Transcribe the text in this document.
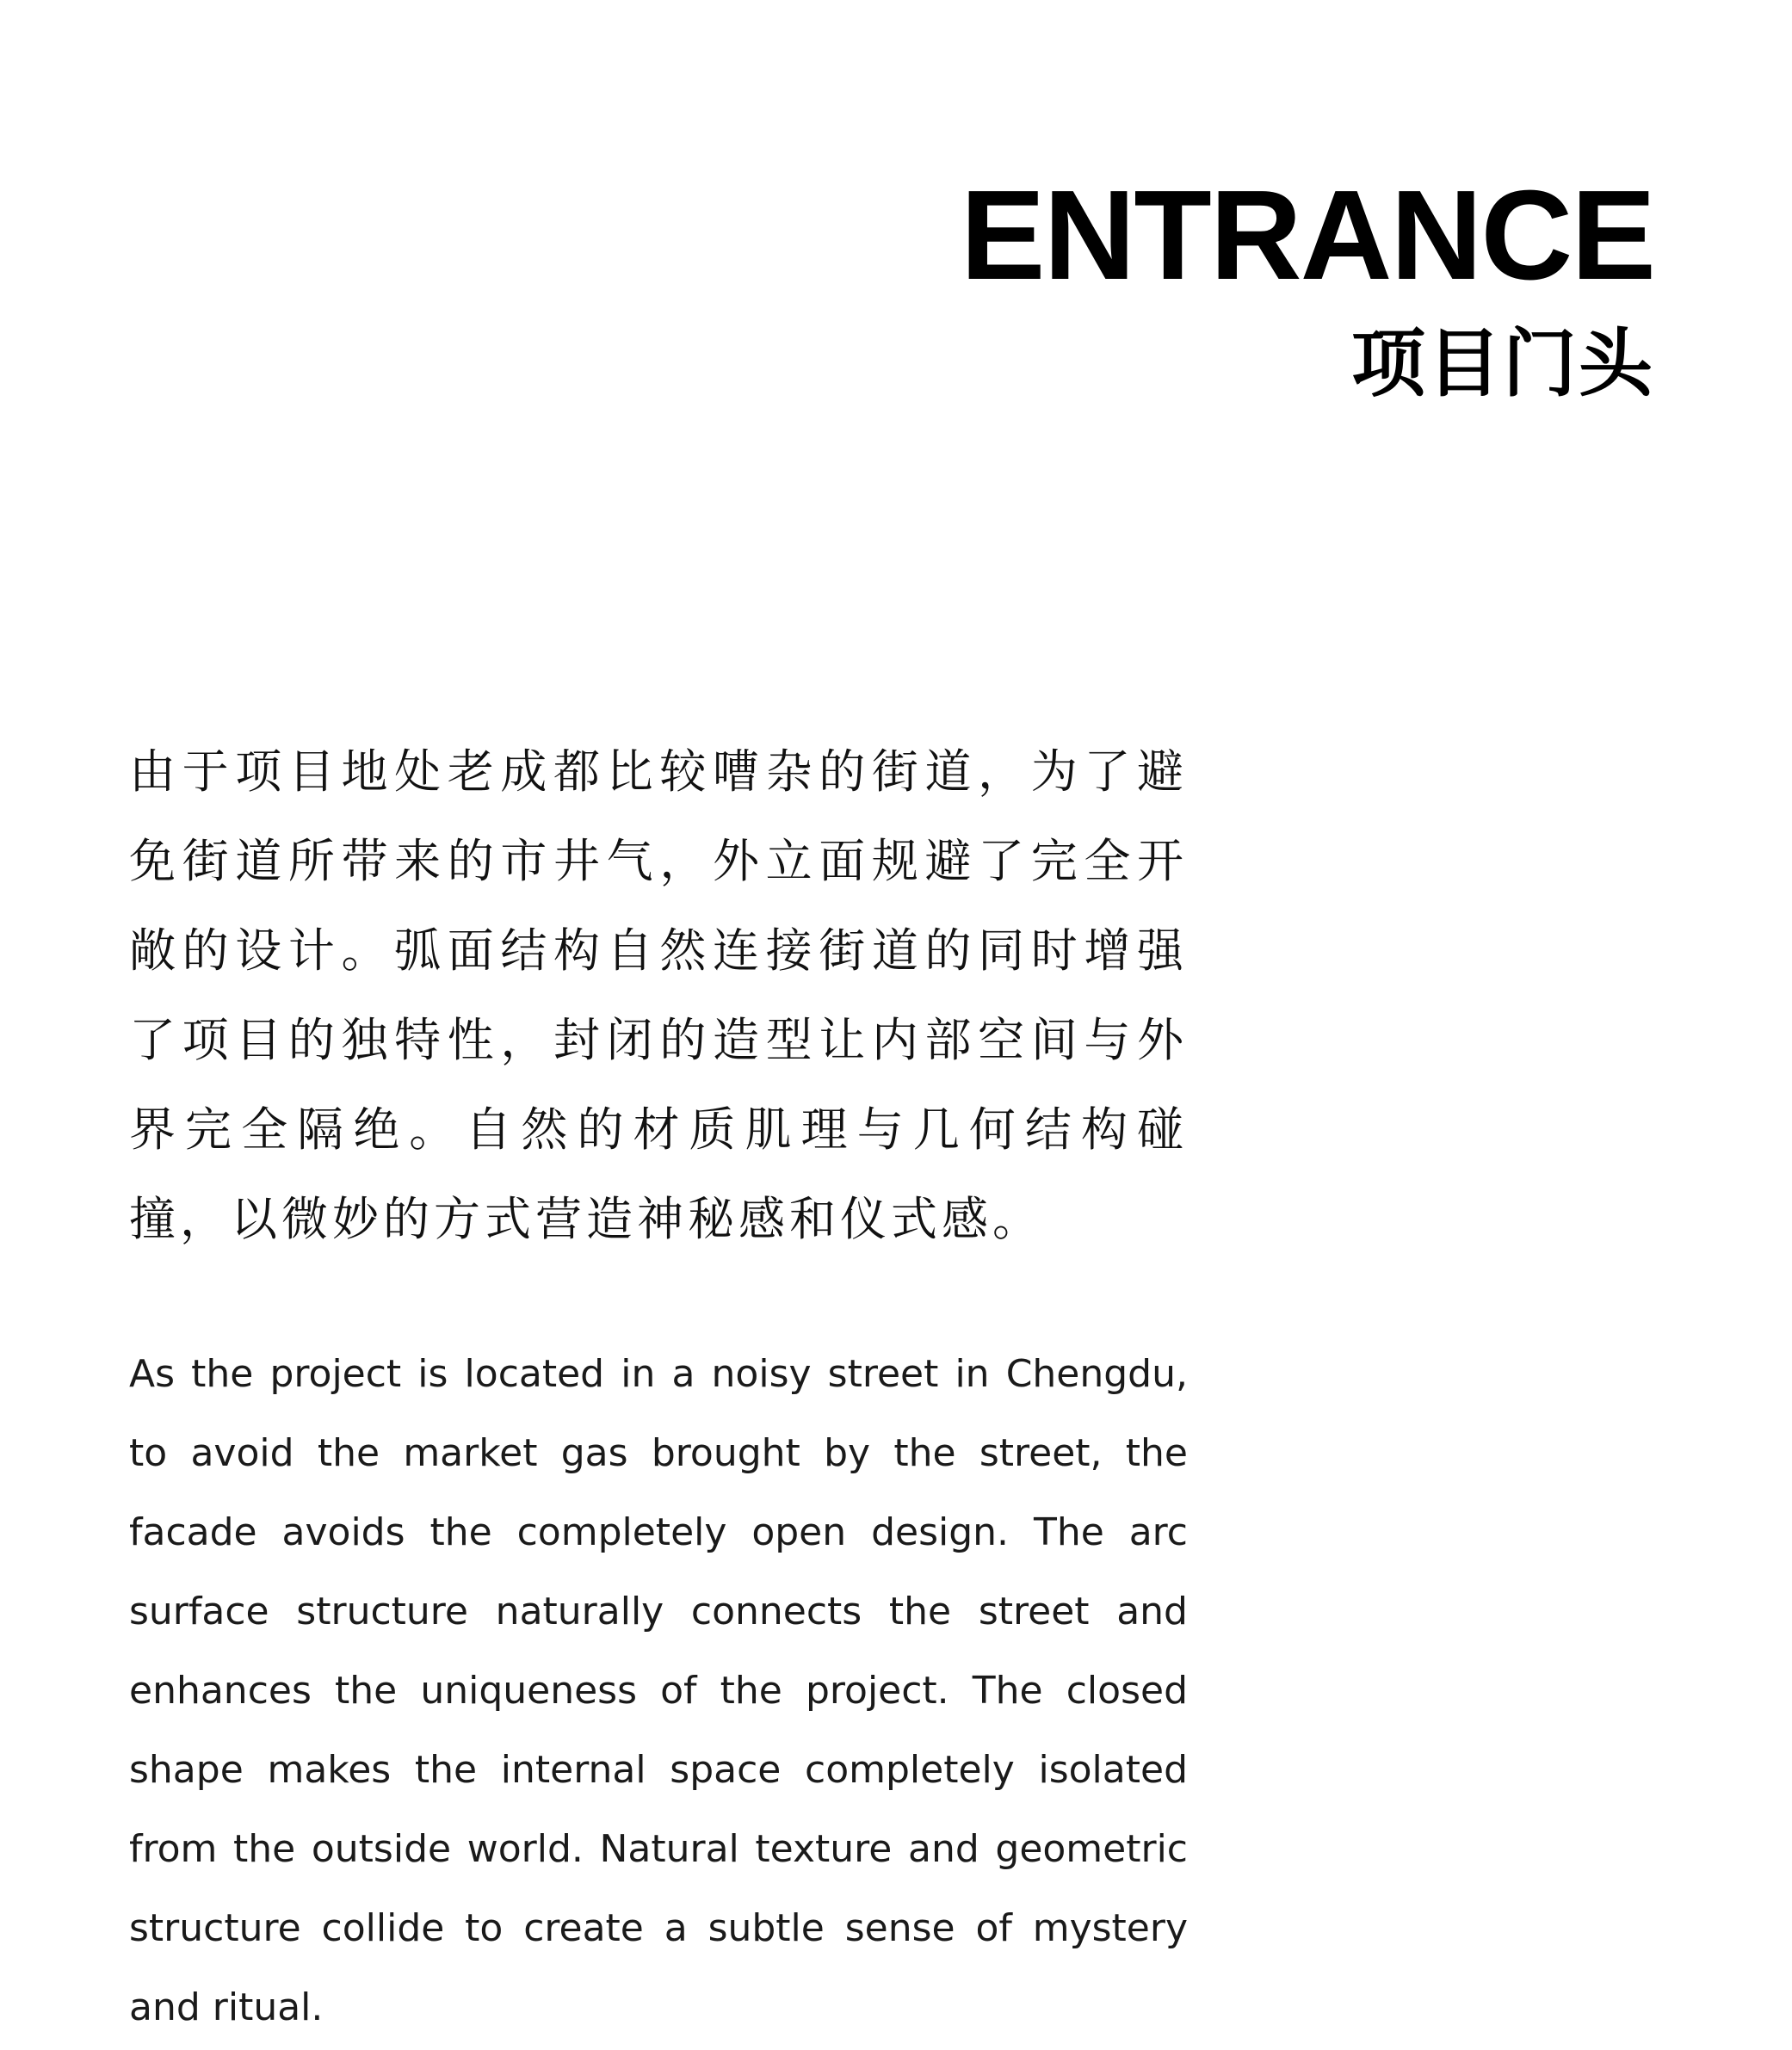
ENTRANCE
项目门头

由于项目地处老成都比较嘈杂的街道，为了避免街道所带来的市井气，外立面规避了完全开敞的设计。弧面结构自然连接街道的同时增强了项目的独特性，封闭的造型让内部空间与外界完全隔绝。自然的材质肌理与几何结构碰撞，以微妙的方式营造神秘感和仪式感。

As the project is located in a noisy street in Chengdu, to avoid the market gas brought by the street, the facade avoids the completely open design. The arc surface structure naturally connects the street and enhances the uniqueness of the project. The closed shape makes the internal space completely isolated from the outside world. Natural texture and geometric structure collide to create a subtle sense of mystery and ritual.
